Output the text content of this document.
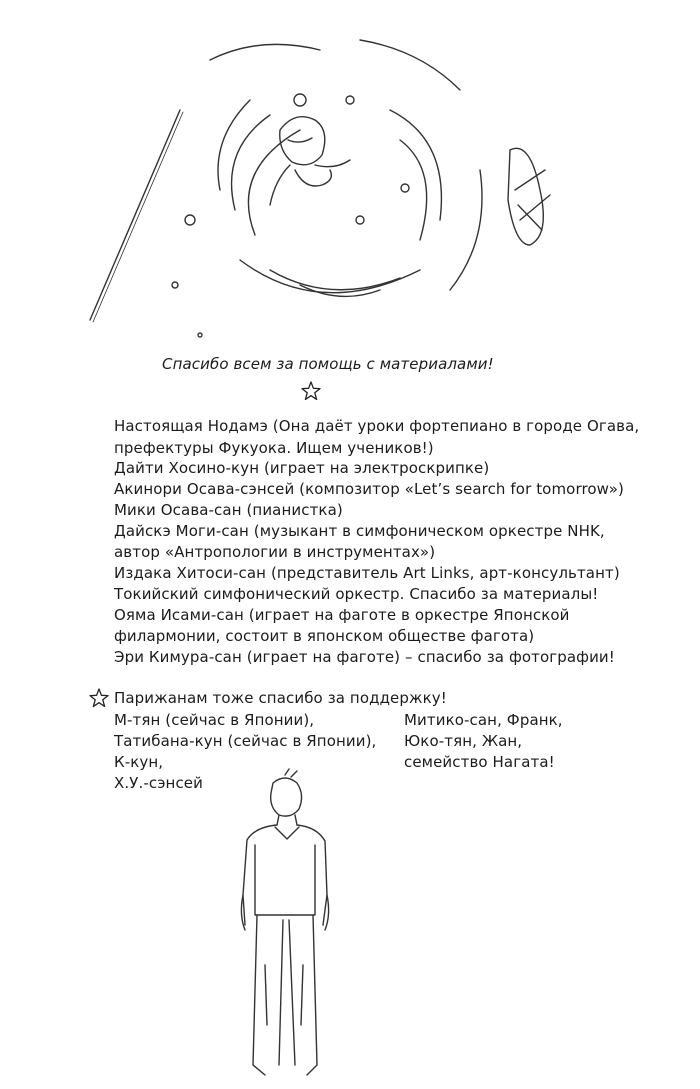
Спасибо всем за помощь с материалами!
Настоящая Нодамэ (Она даёт уроки фортепиано в городе Огава,
префектуры Фукуока. Ищем учеников!)
Дайти Хосино-кун (играет на электроскрипке)
Акинори Осава-сэнсей (композитор «Let’s search for tomorrow»)
Мики Осава-сан (пианистка)
Дайскэ Моги-сан (музыкант в симфоническом оркестре NHK,
автор «Антропологии в инструментах»)
Издака Хитоси-сан (представитель Art Links, арт-консультант)
Токийский симфонический оркестр. Спасибо за материалы!
Ояма Исами-сан (играет на фаготе в оркестре Японской
филармонии, состоит в японском обществе фагота)
Эри Кимура-сан (играет на фаготе) – спасибо за фотографии!
Парижанам тоже спасибо за поддержку!
М-тян (сейчас в Японии),
Татибана-кун (сейчас в Японии),
К-кун,
Х.У.-сэнсей
Митико-сан, Франк,
Юко-тян, Жан,
семейство Нагата!
